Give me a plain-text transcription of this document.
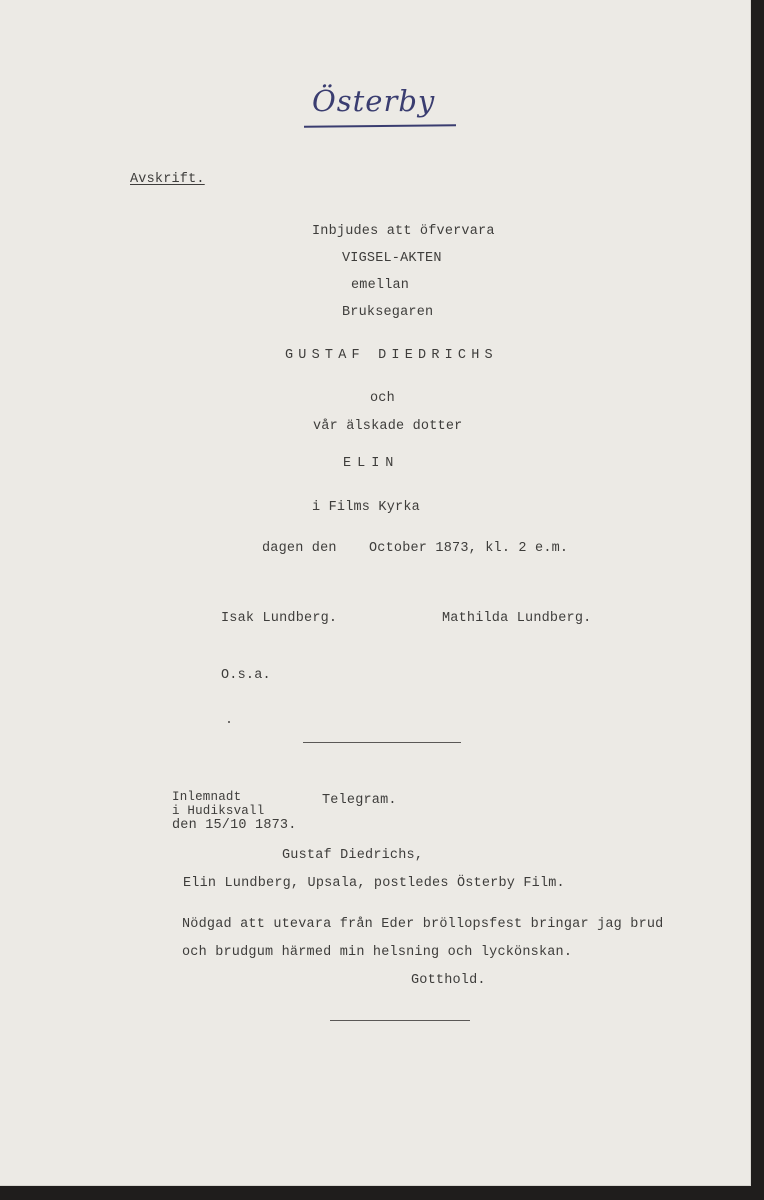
Österby
Avskrift.
Inbjudes att öfvervara
VIGSEL-AKTEN
emellan
Bruksegaren
GUSTAF DIEDRICHS
och
vår älskade dotter
ELIN
i Films Kyrka
dagen den October 1873, kl. 2 e.m.
Isak Lundberg.	Mathilda Lundberg.
O.s.a.
Inlemnadt
i Hudiksvall
den 15/10 1873.
Telegram.
Gustaf Diedrichs,
Elin Lundberg, Upsala, postledes Österby Film.
Nödgad att utevara från Eder bröllopsfest bringar jag brud
och brudgum härmed min helsning och lyckönskan.
Gotthold.
